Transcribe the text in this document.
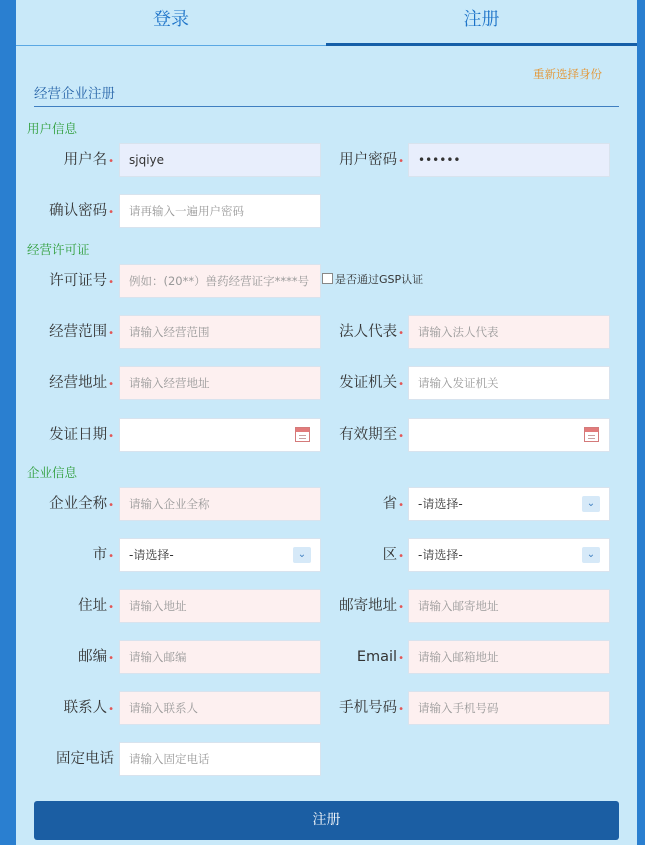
登录	注册
重新选择身份
经营企业注册
用户信息
用户名•	sjqiye	用户密码•	••••••
确认密码•	请再输入一遍用户密码
经营许可证
许可证号•	例如：(20**）兽药经营证字****号	是否通过GSP认证
经营范围•	请输入经营范围	法人代表•	请输入法人代表
经营地址•	请输入经营地址	发证机关•	请输入发证机关
发证日期•	有效期至•
企业信息
企业全称•	请输入企业全称	省•	-请选择-	⌄
市•	-请选择-	⌄	区•	-请选择-	⌄
住址•	请输入地址	邮寄地址•	请输入邮寄地址
邮编•	请输入邮编	Email•	请输入邮箱地址
联系人•	请输入联系人	手机号码•	请输入手机号码
固定电话	请输入固定电话
注册
